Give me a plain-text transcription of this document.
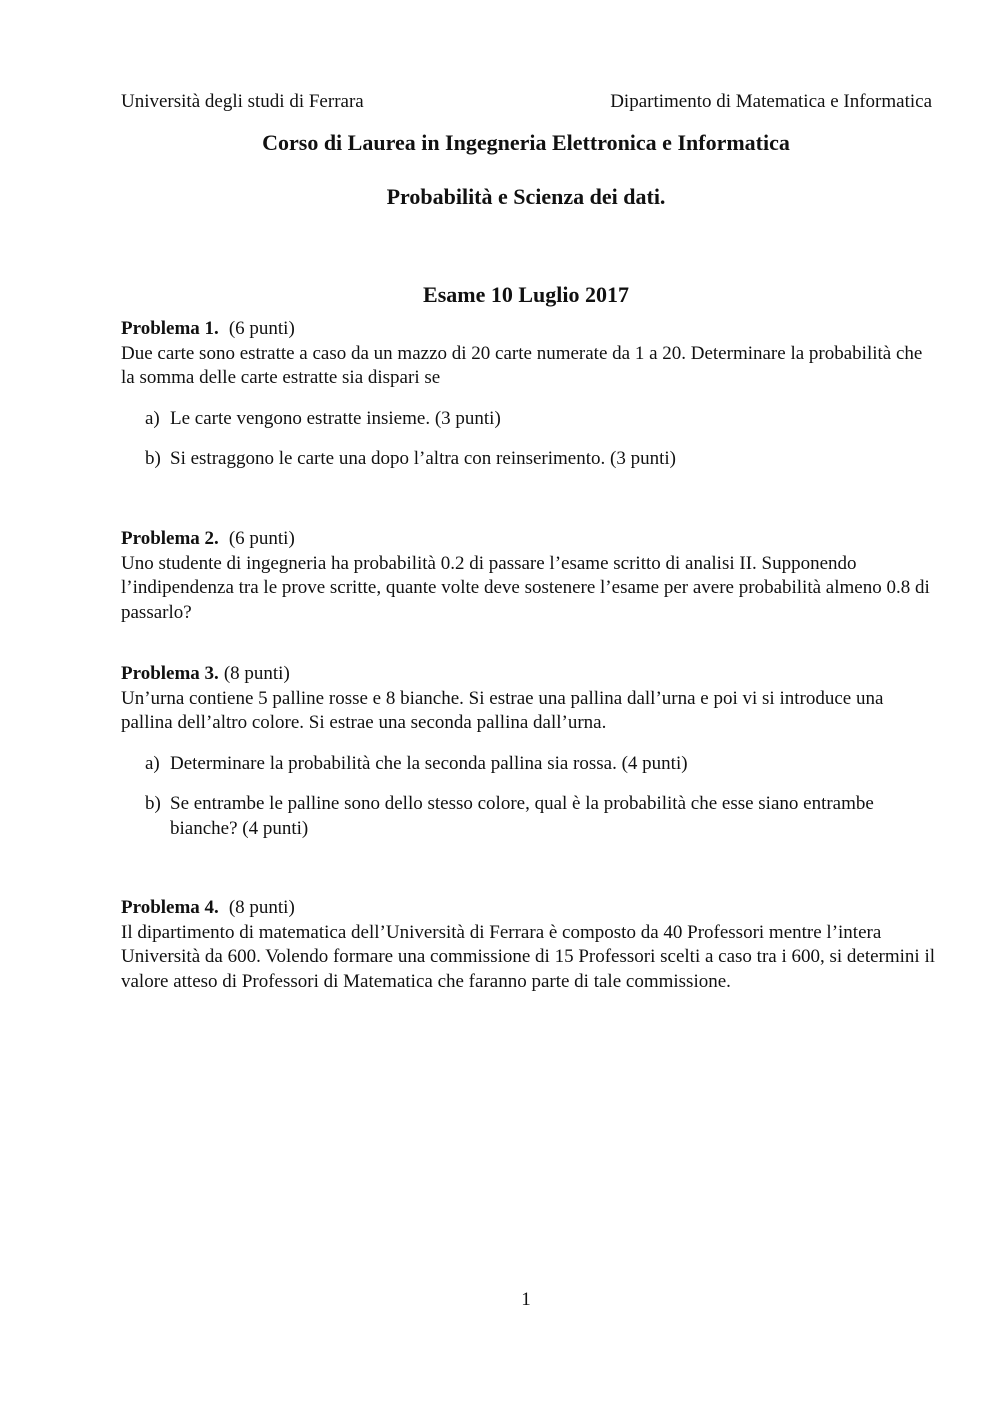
Università degli studi di Ferrara	Dipartimento di Matematica e Informatica
Corso di Laurea in Ingegneria Elettronica e Informatica
Probabilità e Scienza dei dati.
Esame 10 Luglio 2017
Problema 1. (6 punti)

Due carte sono estratte a caso da un mazzo di 20 carte numerate da 1 a 20. Determinare la probabilità che la somma delle carte estratte sia dispari se

a) Le carte vengono estratte insieme. (3 punti)
b) Si estraggono le carte una dopo l’altra con reinserimento. (3 punti)
Problema 2. (6 punti)

Uno studente di ingegneria ha probabilità 0.2 di passare l’esame scritto di analisi II. Supponendo l’indipendenza tra le prove scritte, quante volte deve sostenere l’esame per avere probabilità almeno 0.8 di passarlo?

Problema 3. (8 punti)

Un’urna contiene 5 palline rosse e 8 bianche. Si estrae una pallina dall’urna e poi vi si introduce una pallina dell’altro colore. Si estrae una seconda pallina dall’urna.

a) Determinare la probabilità che la seconda pallina sia rossa. (4 punti)
b) Se entrambe le palline sono dello stesso colore, qual è la probabilità che esse siano entrambe bianche? (4 punti)
Problema 4. (8 punti)

Il dipartimento di matematica dell’Università di Ferrara è composto da 40 Professori mentre l’intera Università da 600. Volendo formare una commissione di 15 Professori scelti a caso tra i 600, si determini il valore atteso di Professori di Matematica che faranno parte di tale commissione.

1
